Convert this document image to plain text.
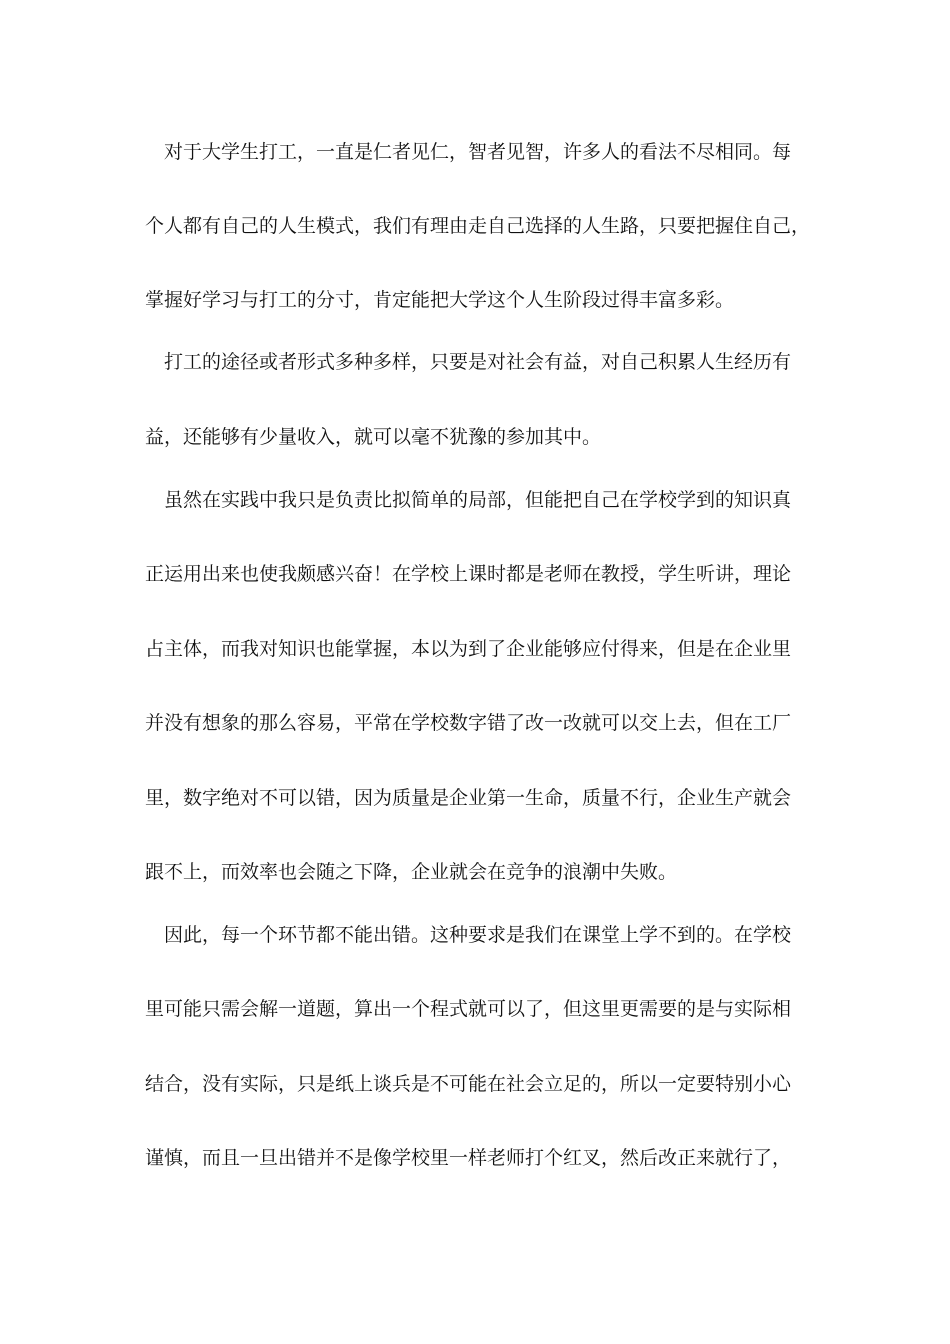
对于大学生打工，一直是仁者见仁，智者见智，许多人的看法不尽相同。每
个人都有自己的人生模式，我们有理由走自己选择的人生路，只要把握住自己，
掌握好学习与打工的分寸，肯定能把大学这个人生阶段过得丰富多彩。
打工的途径或者形式多种多样，只要是对社会有益，对自己积累人生经历有
益，还能够有少量收入，就可以毫不犹豫的参加其中。
虽然在实践中我只是负责比拟简单的局部，但能把自己在学校学到的知识真
正运用出来也使我颇感兴奋！在学校上课时都是老师在教授，学生听讲，理论
占主体，而我对知识也能掌握，本以为到了企业能够应付得来，但是在企业里
并没有想象的那么容易，平常在学校数字错了改一改就可以交上去，但在工厂
里，数字绝对不可以错，因为质量是企业第一生命，质量不行，企业生产就会
跟不上，而效率也会随之下降，企业就会在竞争的浪潮中失败。
因此，每一个环节都不能出错。这种要求是我们在课堂上学不到的。在学校
里可能只需会解一道题，算出一个程式就可以了，但这里更需要的是与实际相
结合，没有实际，只是纸上谈兵是不可能在社会立足的，所以一定要特别小心
谨慎，而且一旦出错并不是像学校里一样老师打个红叉，然后改正来就行了，
